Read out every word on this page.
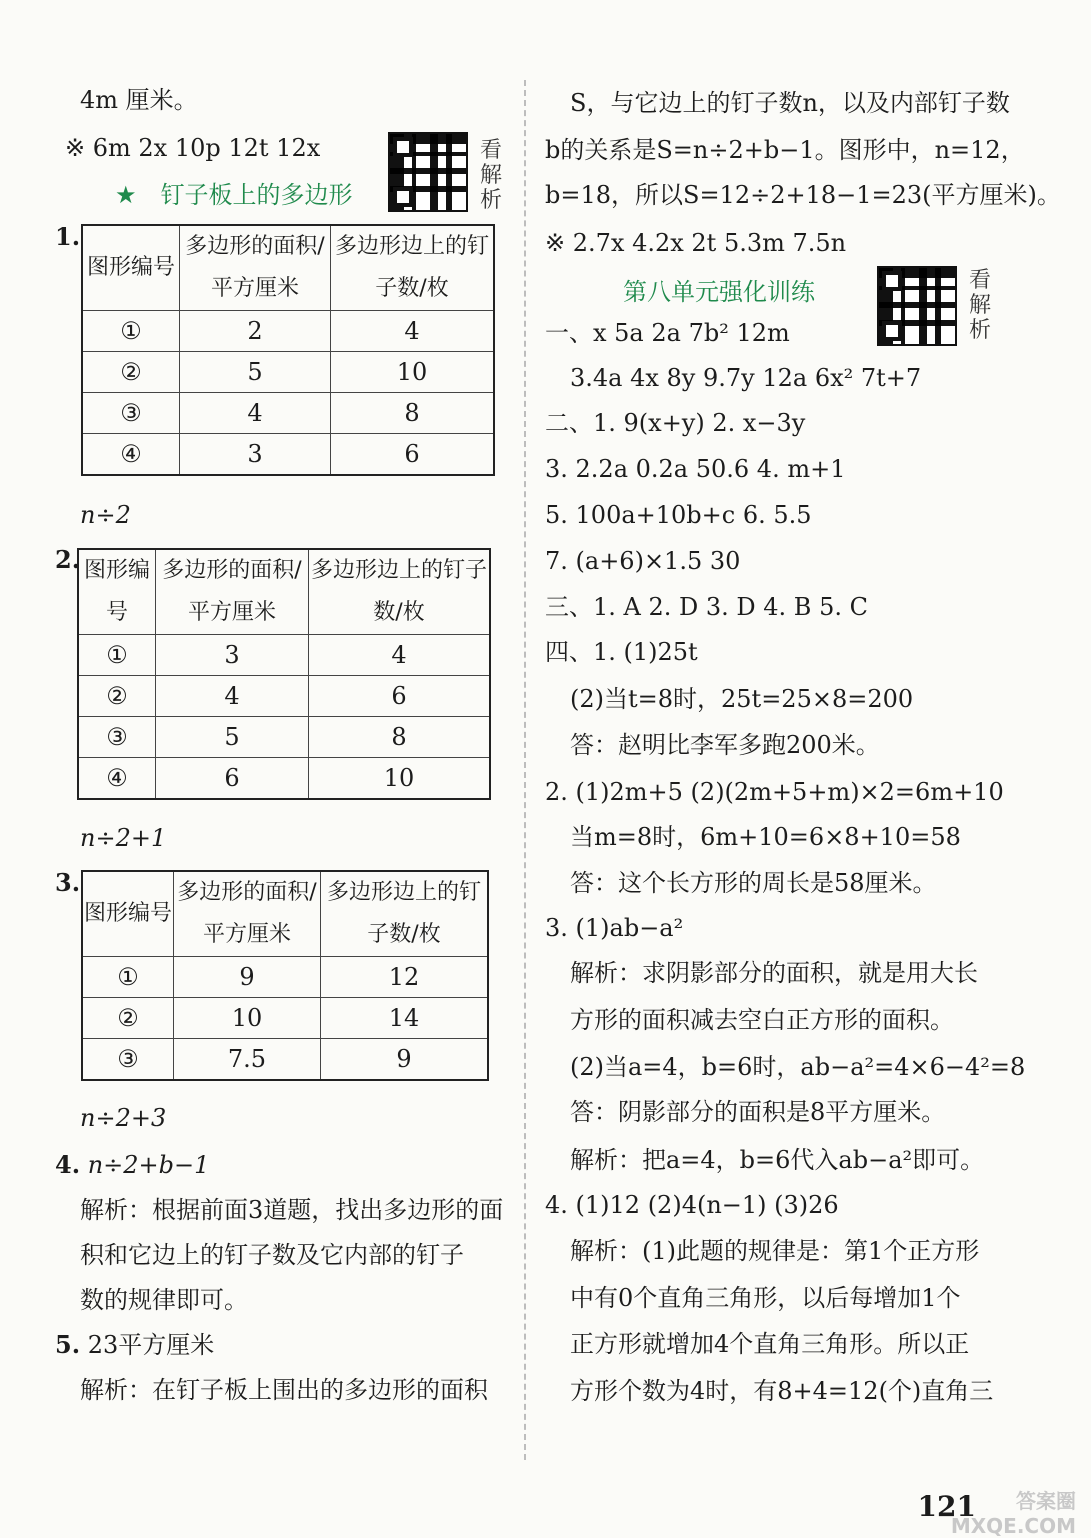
4m 厘米。
※ 6m 2x 10p 12t 12x
★ 钉子板上的多边形
看解析
1.
图形编号	多边形的面积/平方厘米	多边形边上的钉子数/枚
①	2	4
②	5	10
③	4	8
④	3	6
n÷2
2. 图形编号	多边形的面积/平方厘米	多边形边上的钉子数/枚
①	3	4
②	4	6
③	5	8
④	6	10
n÷2+1
3.
图形编号	多边形的面积/平方厘米	多边形边上的钉子数/枚
①	9	12
②	10	14
③	7.5	9
n÷2+3
4. n÷2+b−1
解析：根据前面3道题，找出多边形的面
积和它边上的钉子数及它内部的钉子
数的规律即可。
5. 23平方厘米
解析：在钉子板上围出的多边形的面积
S，与它边上的钉子数n，以及内部钉子数
b的关系是S=n÷2+b−1。图形中，n=12，
b=18，所以S=12÷2+18−1=23(平方厘米)。
※ 2.7x 4.2x 2t 5.3m 7.5n
第八单元强化训练	看解析
一、x 5a 2a 7b² 12m
3.4a 4x 8y 9.7y 12a 6x² 7t+7
二、1. 9(x+y) 2. x−3y
3. 2.2a 0.2a 50.6 4. m+1
5. 100a+10b+c 6. 5.5
7. (a+6)×1.5 30
三、1. A 2. D 3. D 4. B 5. C
四、1. (1)25t
(2)当t=8时，25t=25×8=200
答：赵明比李军多跑200米。
2. (1)2m+5 (2)(2m+5+m)×2=6m+10
当m=8时，6m+10=6×8+10=58
答：这个长方形的周长是58厘米。
3. (1)ab−a²
解析：求阴影部分的面积，就是用大长
方形的面积减去空白正方形的面积。
(2)当a=4，b=6时，ab−a²=4×6−4²=8
答：阴影部分的面积是8平方厘米。
解析：把a=4，b=6代入ab−a²即可。
4. (1)12 (2)4(n−1) (3)26
解析：(1)此题的规律是：第1个正方形
中有0个直角三角形，以后每增加1个
正方形就增加4个直角三角形。所以正
方形个数为4时，有8+4=12(个)直角三
121	答案圈 MXQE.COM
